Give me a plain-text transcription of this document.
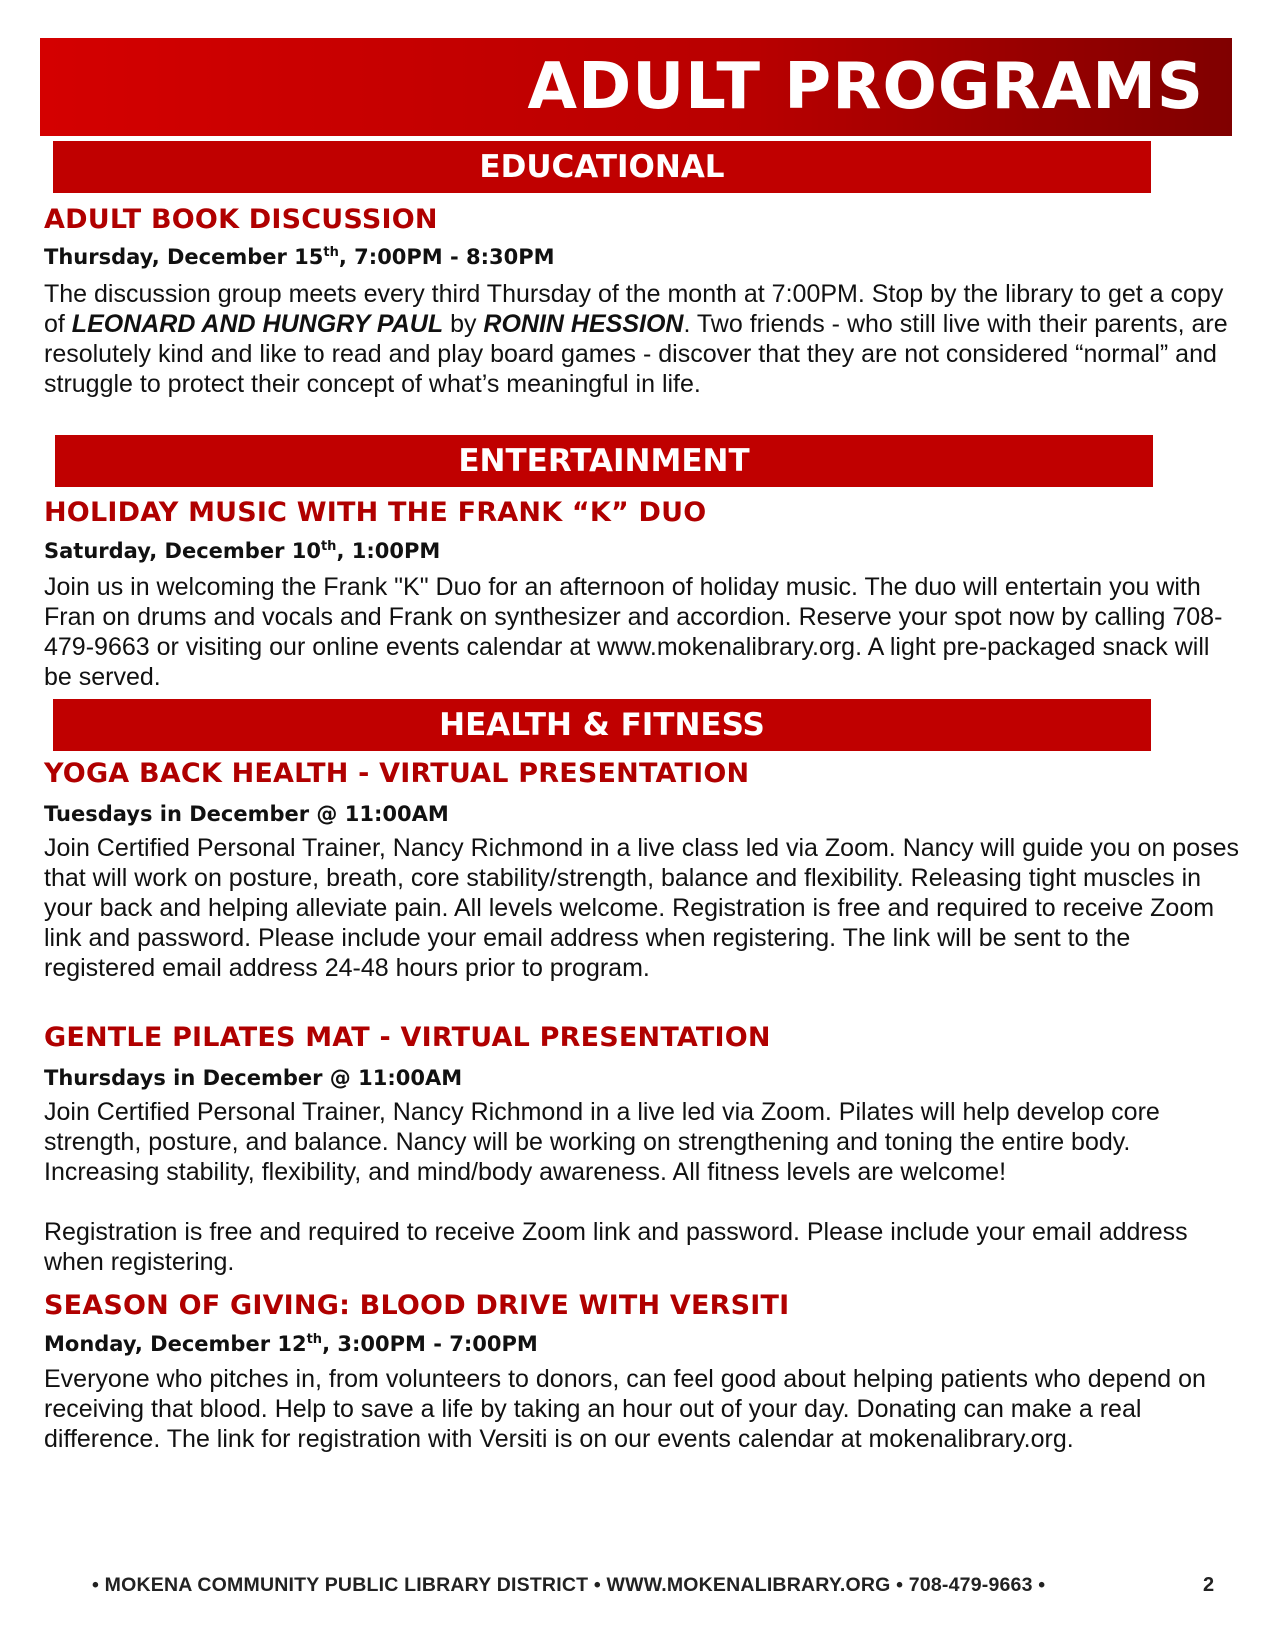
ADULT PROGRAMS
EDUCATIONAL
ADULT BOOK DISCUSSION
Thursday, December 15th, 7:00PM - 8:30PM

The discussion group meets every third Thursday of the month at 7:00PM. Stop by the library to get a copy of LEONARD AND HUNGRY PAUL by RONIN HESSION. Two friends - who still live with their parents, are resolutely kind and like to read and play board games - discover that they are not considered “normal” and struggle to protect their concept of what’s meaningful in life.

ENTERTAINMENT
HOLIDAY MUSIC WITH THE FRANK “K” DUO
Saturday, December 10th, 1:00PM

Join us in welcoming the Frank "K" Duo for an afternoon of holiday music. The duo will entertain you with Fran on drums and vocals and Frank on synthesizer and accordion. Reserve your spot now by calling 708-479-9663 or visiting our online events calendar at www.mokenalibrary.org. A light pre-packaged snack will be served.

HEALTH & FITNESS
YOGA BACK HEALTH - VIRTUAL PRESENTATION
Tuesdays in December @ 11:00AM

Join Certified Personal Trainer, Nancy Richmond in a live class led via Zoom. Nancy will guide you on poses that will work on posture, breath, core stability/strength, balance and flexibility. Releasing tight muscles in your back and helping alleviate pain. All levels welcome. Registration is free and required to receive Zoom link and password. Please include your email address when registering. The link will be sent to the registered email address 24-48 hours prior to program.

GENTLE PILATES MAT - VIRTUAL PRESENTATION
Thursdays in December @ 11:00AM

Join Certified Personal Trainer, Nancy Richmond in a live led via Zoom. Pilates will help develop core strength, posture, and balance. Nancy will be working on strengthening and toning the entire body. Increasing stability, flexibility, and mind/body awareness. All fitness levels are welcome!

Registration is free and required to receive Zoom link and password. Please include your email address when registering.

SEASON OF GIVING: BLOOD DRIVE WITH VERSITI
Monday, December 12th, 3:00PM - 7:00PM

Everyone who pitches in, from volunteers to donors, can feel good about helping patients who depend on receiving that blood. Help to save a life by taking an hour out of your day. Donating can make a real difference. The link for registration with Versiti is on our events calendar at mokenalibrary.org.

• MOKENA COMMUNITY PUBLIC LIBRARY DISTRICT • WWW.MOKENALIBRARY.ORG • 708-479-9663 •	2
